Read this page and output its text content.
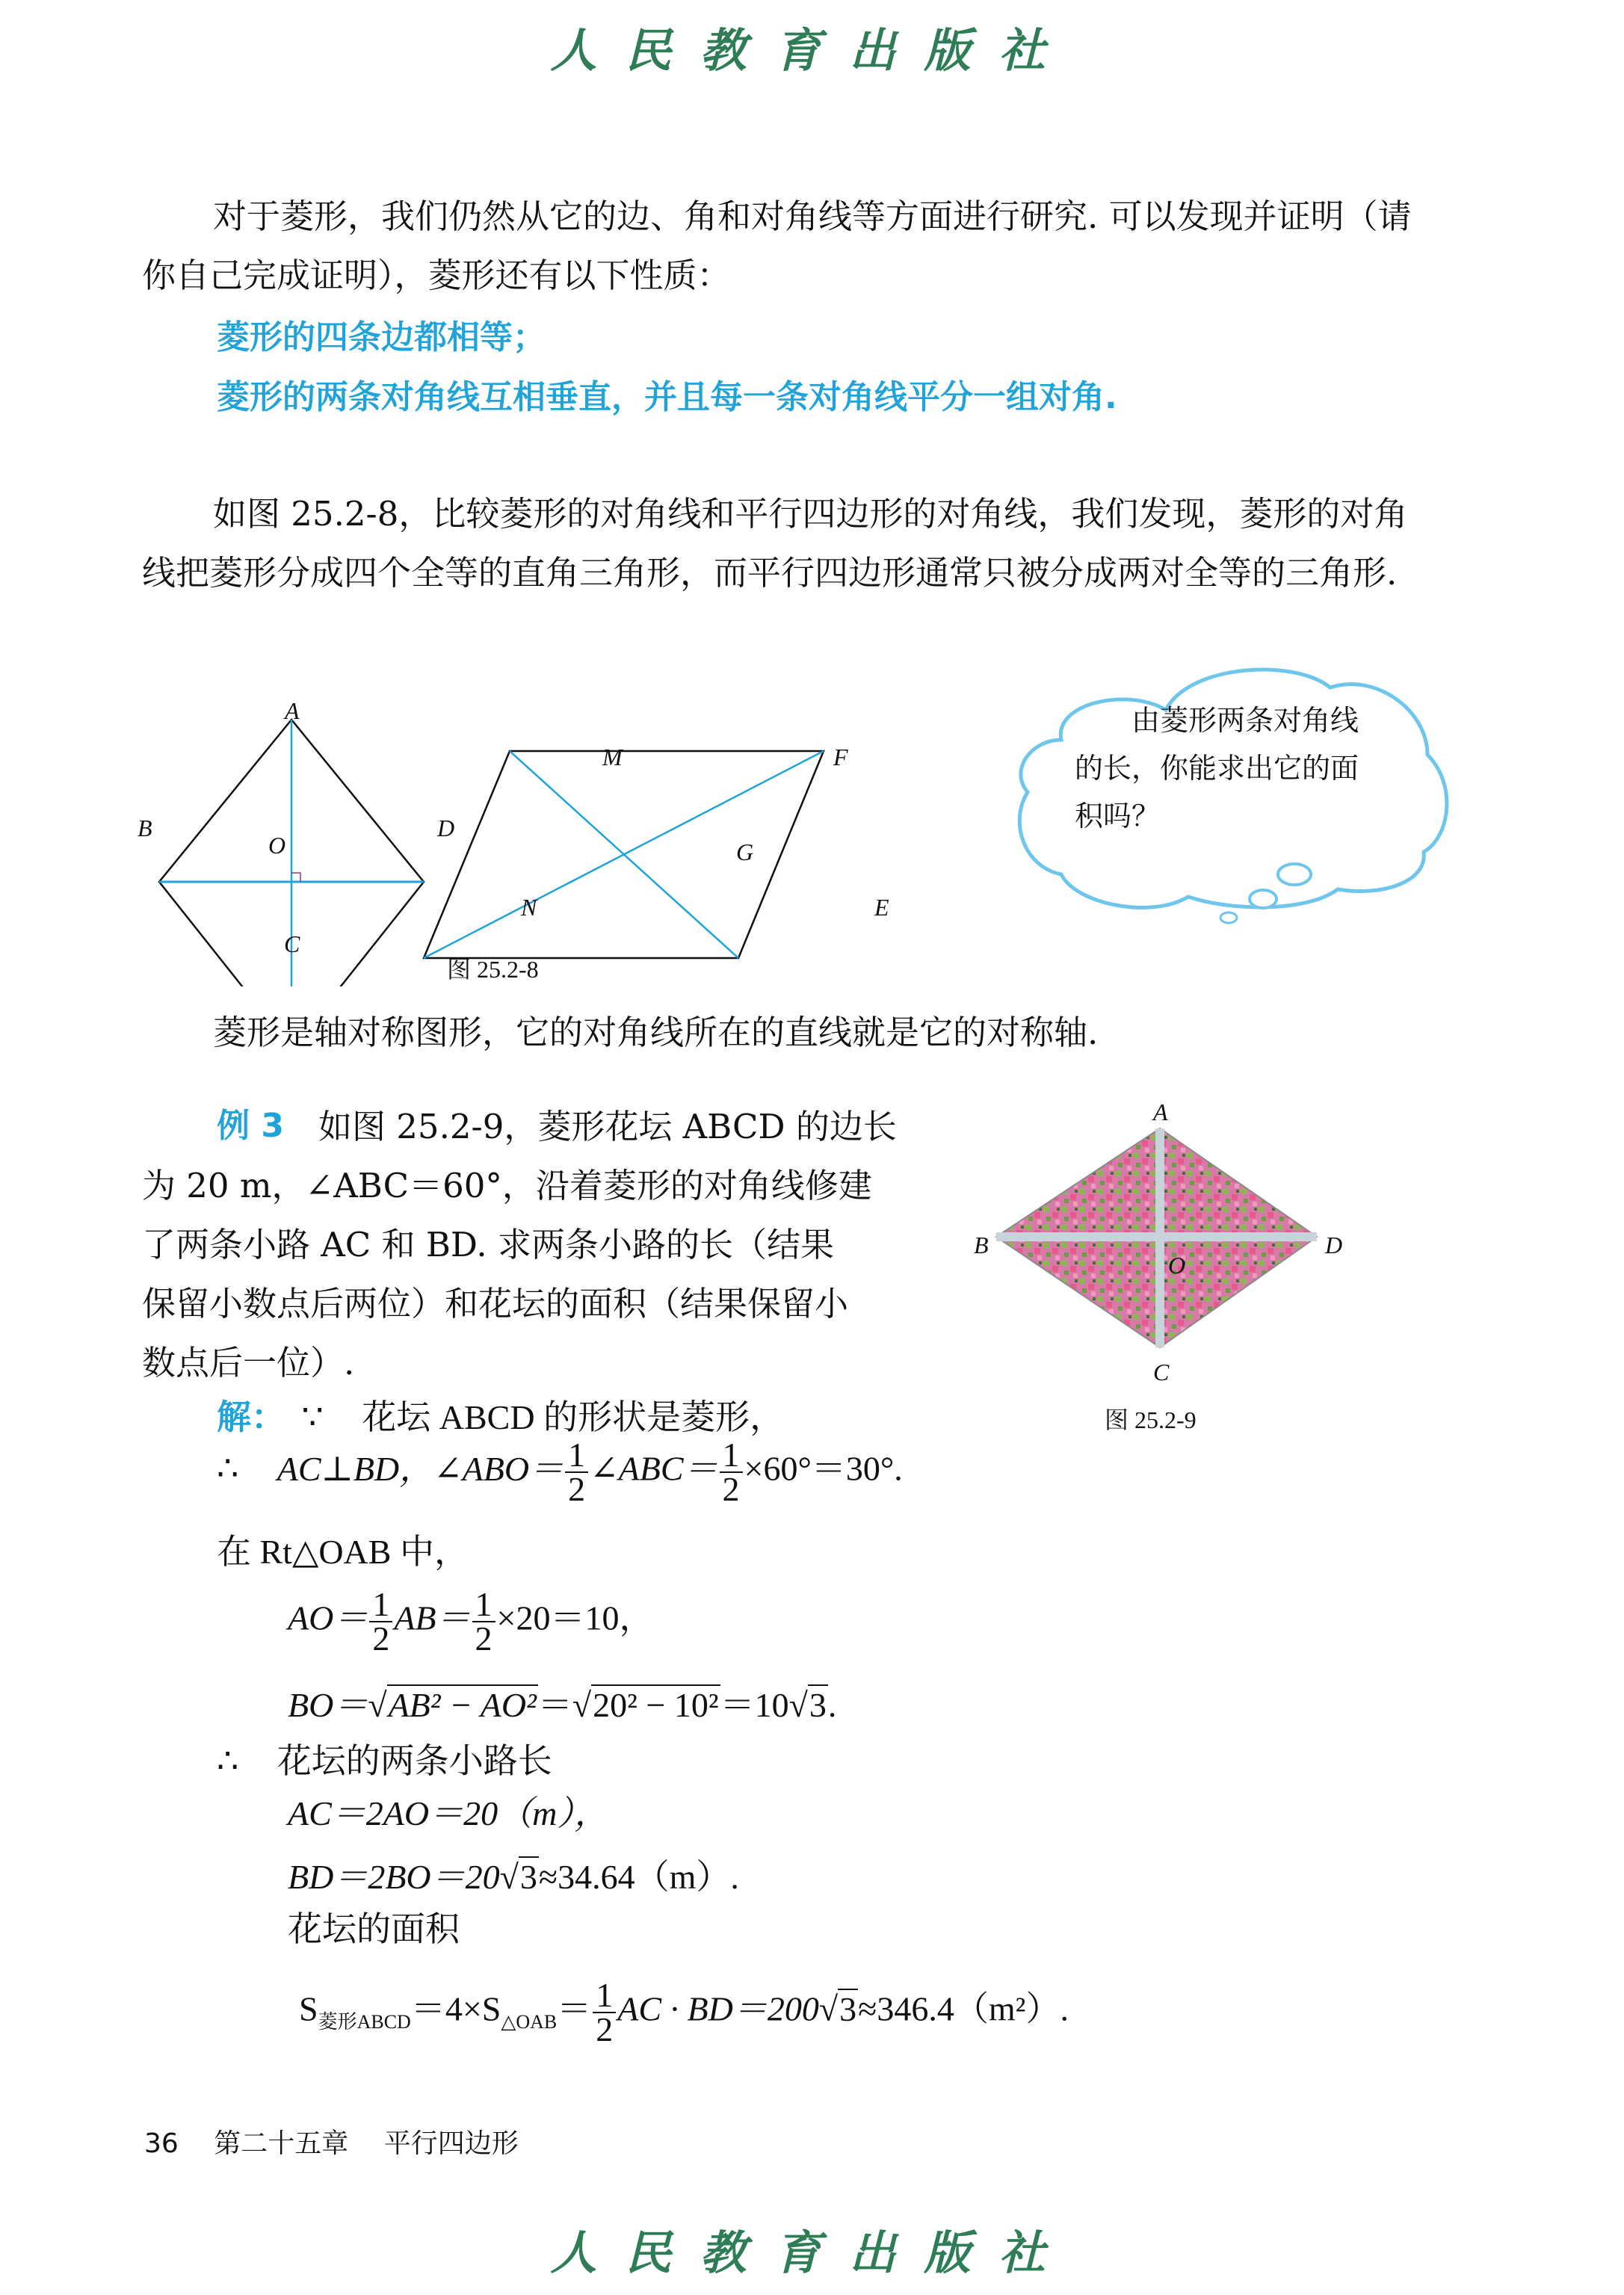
人民教育出版社
对于菱形，我们仍然从它的边、角和对角线等方面进行研究. 可以发现并证明（请你自己完成证明），菱形还有以下性质：
菱形的四条边都相等；
菱形的两条对角线互相垂直，并且每一条对角线平分一组对角.
如图 25.2-8，比较菱形的对角线和平行四边形的对角线，我们发现，菱形的对角线把菱形分成四个全等的直角三角形，而平行四边形通常只被分成两对全等的三角形.
A
B
C
D
O
M	F
N	E
G
图 25.2-8
由菱形两条对角线的长，你能求出它的面积吗？
菱形是轴对称图形，它的对角线所在的直线就是它的对称轴.
例 3	如图 25.2-9，菱形花坛 ABCD 的边长
为 20 m，∠ABC＝60°，沿着菱形的对角线修建
了两条小路 AC 和 BD. 求两条小路的长（结果
保留小数点后两位）和花坛的面积（结果保留小
数点后一位）.
A
B
C
D
O
图 25.2-9
解： ∵ 花坛 ABCD 的形状是菱形，
∴ AC⊥BD，∠ABO＝ $\frac{1}{2}$ ∠ABC＝ $\frac{1}{2} \times 60^\circ=30^\circ$.
在 Rt△OAB 中，
$AO= \frac{1}{2} AB= \frac{1}{2} \times 20=10$，
BO＝√AB² − AO²＝√20² − 10²＝10√3.
∴ 花坛的两条小路长
AC＝2AO＝20（m），
BD＝2BO＝20√3≈34.64（m）.
花坛的面积
$S_{菱形ABCD}=4\times S_{\triangle OAB}= \frac{1}{2}$ AC · BD＝200√3≈346.4（m²）.
36 第二十五章 平行四边形
人民教育出版社
